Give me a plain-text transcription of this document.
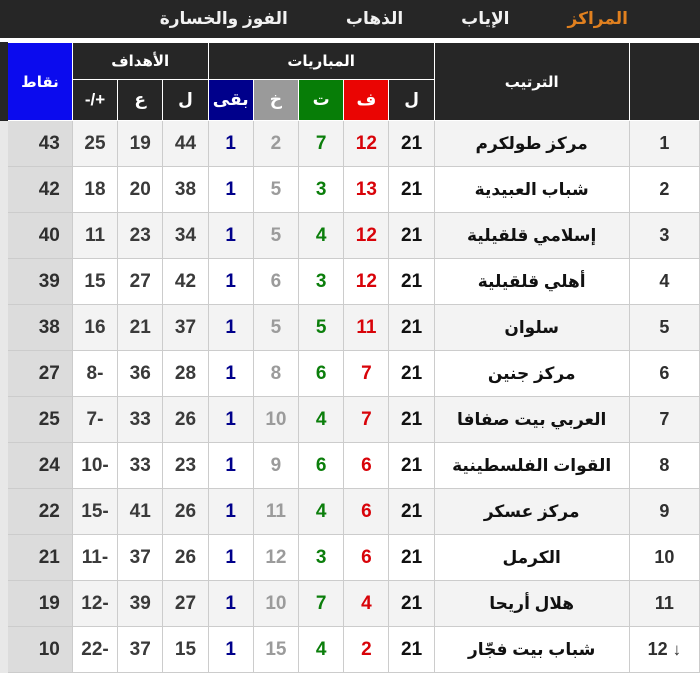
المراكز
الإياب
الذهاب
الفوز والخسارة
	الترتيب	المباريات					الأهداف			نقاط
		ل	ف	ت	خ	بقى	ل	ع	+/-	

1	مركز طولكرم	21	12	7	2	1	44	19	25	43

2	شباب العبيدية	21	13	3	5	1	38	20	18	42

3	إسلامي قلقيلية	21	12	4	5	1	34	23	11	40

4	أهلي قلقيلية	21	12	3	6	1	42	27	15	39

5	سلوان	21	11	5	5	1	37	21	16	38

6	مركز جنين	21	7	6	8	1	28	36	-8	27

7	العربي بيت صفافا	21	7	4	10	1	26	33	-7	25

8	القوات الفلسطينية	21	6	6	9	1	23	33	-10	24

9	مركز عسكر	21	6	4	11	1	26	41	-15	22

10	الكرمل	21	6	3	12	1	26	37	-11	21

11	هلال أريحا	21	4	7	10	1	27	39	-12	19

12 ↓	شباب بيت فجّار	21	2	4	15	1	15	37	-22	10
